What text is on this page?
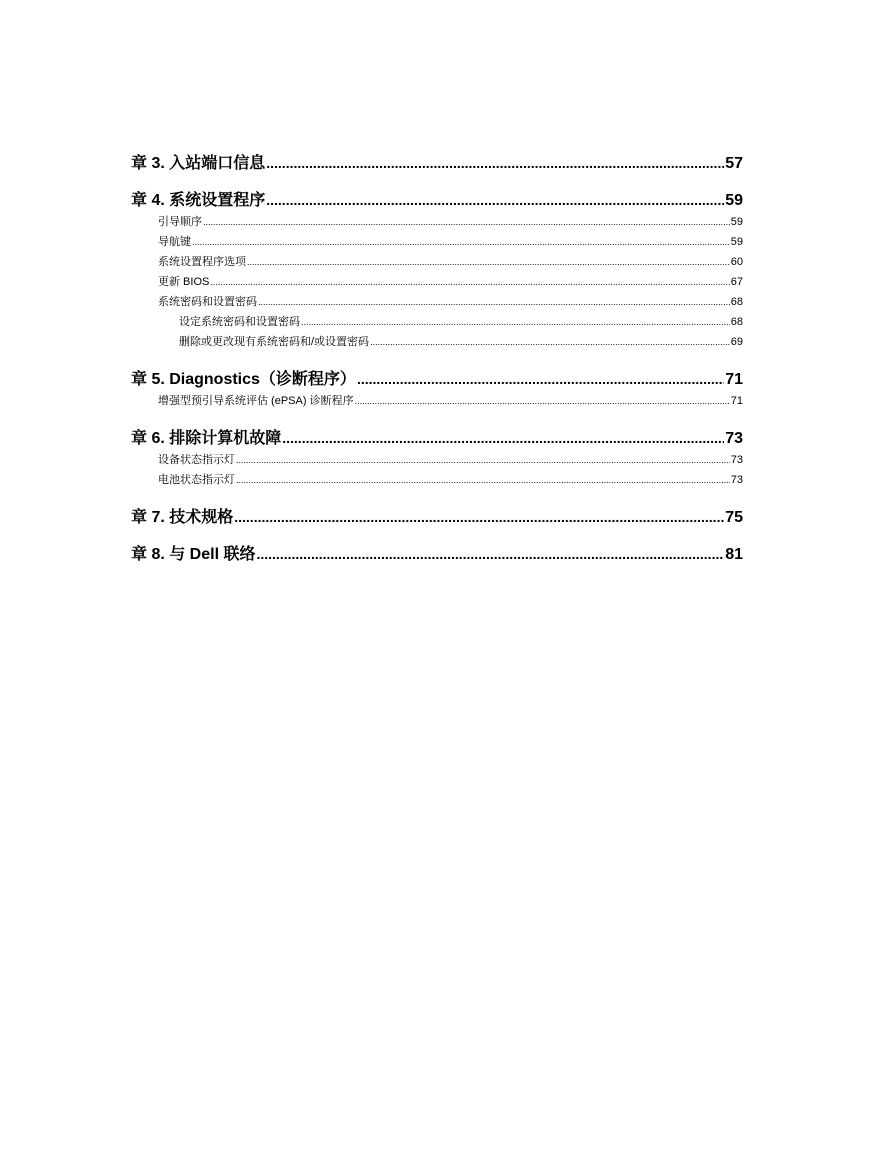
章 3. 入站端口信息 .....	57
章 4. 系统设置程序 .....	59
引导顺序 .....	59
导航键 .....	59
系统设置程序选项 .....	60
更新 BIOS .....	67
系统密码和设置密码 .....	68
设定系统密码和设置密码 .....	68
删除或更改现有系统密码和/或设置密码 .....	69
章 5. Diagnostics（诊断程序） .....	71
增强型预引导系统评估 (ePSA) 诊断程序 .....	71
章 6. 排除计算机故障 .....	73
设备状态指示灯 .....	73
电池状态指示灯 .....	73
章 7. 技术规格 .....	75
章 8. 与 Dell 联络 .....	81
